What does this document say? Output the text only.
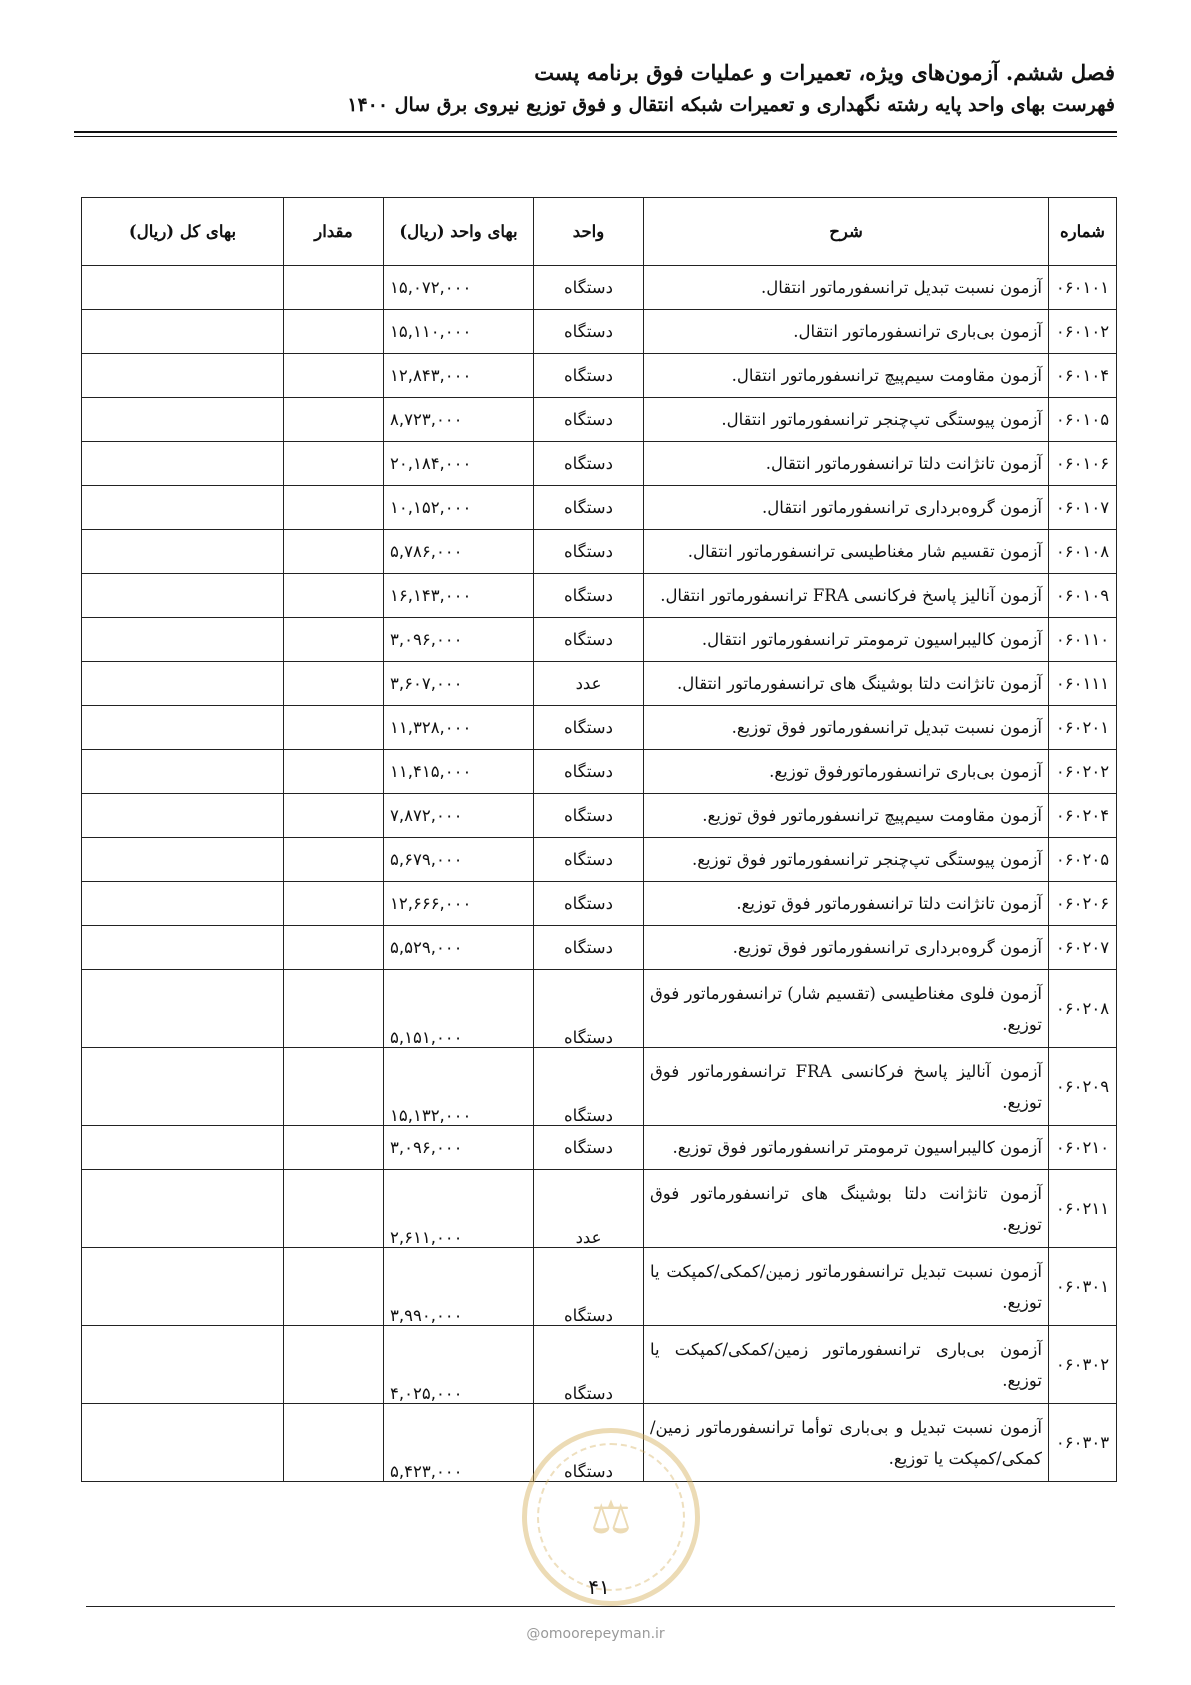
فصل ششم. آزمون‌های ویژه، تعمیرات و عملیات فوق برنامه پست
فهرست بهای واحد پایه رشته نگهداری و تعمیرات شبکه انتقال و فوق توزیع نیروی برق سال ۱۴۰۰
شماره	شرح	واحد	بهای واحد (ریال)	مقدار	بهای کل (ریال)
۰۶۰۱۰۱	آزمون نسبت تبدیل ترانسفورماتور انتقال.	دستگاه	۱۵,۰۷۲,۰۰۰		
۰۶۰۱۰۲	آزمون بی‌باری ترانسفورماتور انتقال.	دستگاه	۱۵,۱۱۰,۰۰۰		
۰۶۰۱۰۴	آزمون مقاومت سیم‌پیچ ترانسفورماتور انتقال.	دستگاه	۱۲,۸۴۳,۰۰۰		
۰۶۰۱۰۵	آزمون پیوستگی تپ‌چنجر ترانسفورماتور انتقال.	دستگاه	۸,۷۲۳,۰۰۰		
۰۶۰۱۰۶	آزمون تانژانت دلتا ترانسفورماتور انتقال.	دستگاه	۲۰,۱۸۴,۰۰۰		
۰۶۰۱۰۷	آزمون گروه‌برداری ترانسفورماتور انتقال.	دستگاه	۱۰,۱۵۲,۰۰۰		
۰۶۰۱۰۸	آزمون تقسیم شار مغناطیسی ترانسفورماتور انتقال.	دستگاه	۵,۷۸۶,۰۰۰		
۰۶۰۱۰۹	آزمون آنالیز پاسخ فرکانسی FRA ترانسفورماتور انتقال.	دستگاه	۱۶,۱۴۳,۰۰۰		
۰۶۰۱۱۰	آزمون کالیبراسیون ترمومتر ترانسفورماتور انتقال.	دستگاه	۳,۰۹۶,۰۰۰		
۰۶۰۱۱۱	آزمون تانژانت دلتا بوشینگ های ترانسفورماتور انتقال.	عدد	۳,۶۰۷,۰۰۰		
۰۶۰۲۰۱	آزمون نسبت تبدیل ترانسفورماتور فوق توزیع.	دستگاه	۱۱,۳۲۸,۰۰۰		
۰۶۰۲۰۲	آزمون بی‌باری ترانسفورماتورفوق توزیع.	دستگاه	۱۱,۴۱۵,۰۰۰		
۰۶۰۲۰۴	آزمون مقاومت سیم‌پیچ ترانسفورماتور فوق توزیع.	دستگاه	۷,۸۷۲,۰۰۰		
۰۶۰۲۰۵	آزمون پیوستگی تپ‌چنجر ترانسفورماتور فوق توزیع.	دستگاه	۵,۶۷۹,۰۰۰		
۰۶۰۲۰۶	آزمون تانژانت دلتا ترانسفورماتور فوق توزیع.	دستگاه	۱۲,۶۶۶,۰۰۰		
۰۶۰۲۰۷	آزمون گروه‌برداری ترانسفورماتور فوق توزیع.	دستگاه	۵,۵۲۹,۰۰۰		
۰۶۰۲۰۸	آزمون فلوی مغناطیسی (تقسیم شار) ترانسفورماتور فوق توزیع.	دستگاه	۵,۱۵۱,۰۰۰		
۰۶۰۲۰۹	آزمون آنالیز پاسخ فرکانسی FRA ترانسفورماتور فوق توزیع.	دستگاه	۱۵,۱۳۲,۰۰۰		
۰۶۰۲۱۰	آزمون کالیبراسیون ترمومتر ترانسفورماتور فوق توزیع.	دستگاه	۳,۰۹۶,۰۰۰		
۰۶۰۲۱۱	آزمون تانژانت دلتا بوشینگ های ترانسفورماتور فوق توزیع.	عدد	۲,۶۱۱,۰۰۰		
۰۶۰۳۰۱	آزمون نسبت تبدیل ترانسفورماتور زمین/کمکی/کمپکت یا توزیع.	دستگاه	۳,۹۹۰,۰۰۰		
۰۶۰۳۰۲	آزمون بی‌باری ترانسفورماتور زمین/کمکی/کمپکت یا توزیع.	دستگاه	۴,۰۲۵,۰۰۰		
۰۶۰۳۰۳	آزمون نسبت تبدیل و بی‌باری توأما ترانسفورماتور زمین/کمکی/کمپکت یا توزیع.	دستگاه	۵,۴۲۳,۰۰۰		
⚖
۴۱
@omoorepeyman.ir
